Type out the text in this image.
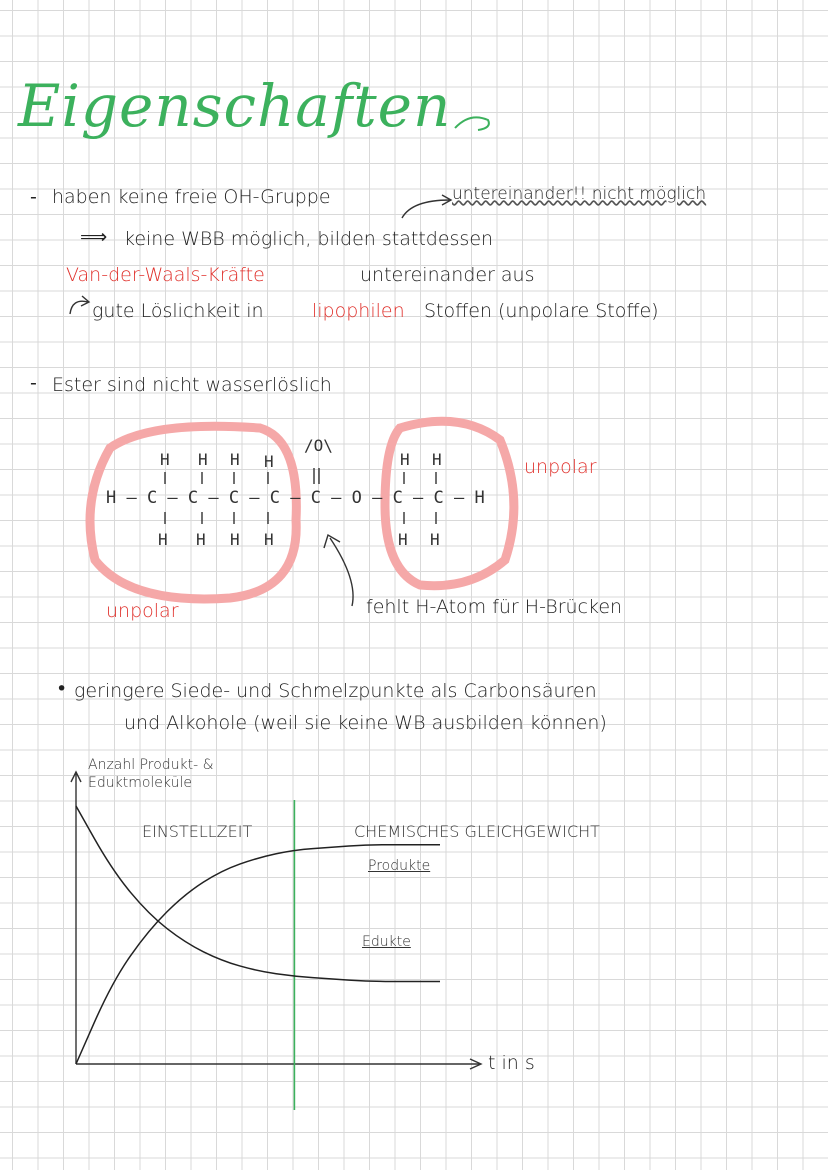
Eigenschaften
- haben keine freie OH-Gruppe	untereinander!! nicht möglich
⟹ keine WBB möglich, bilden stattdessen
Van-der-Waals-Kräfte	untereinander aus
gute Löslichkeit in	lipophilen Stoffen (unpolare Stoffe)
- Ester sind nicht wasserlöslich
H H H H
/O\
H H
H – C – C – C – C – C – O – C – C – H
H H H H	H H
unpolar
unpolar
fehlt H-Atom für H-Brücken
• geringere Siede- und Schmelzpunkte als Carbonsäuren
und Alkohole (weil sie keine WB ausbilden können)
Anzahl Produkt- & Eduktmoleküle
EINSTELLZEIT	CHEMISCHES GLEICHGEWICHT
Produkte
Edukte
t in s
